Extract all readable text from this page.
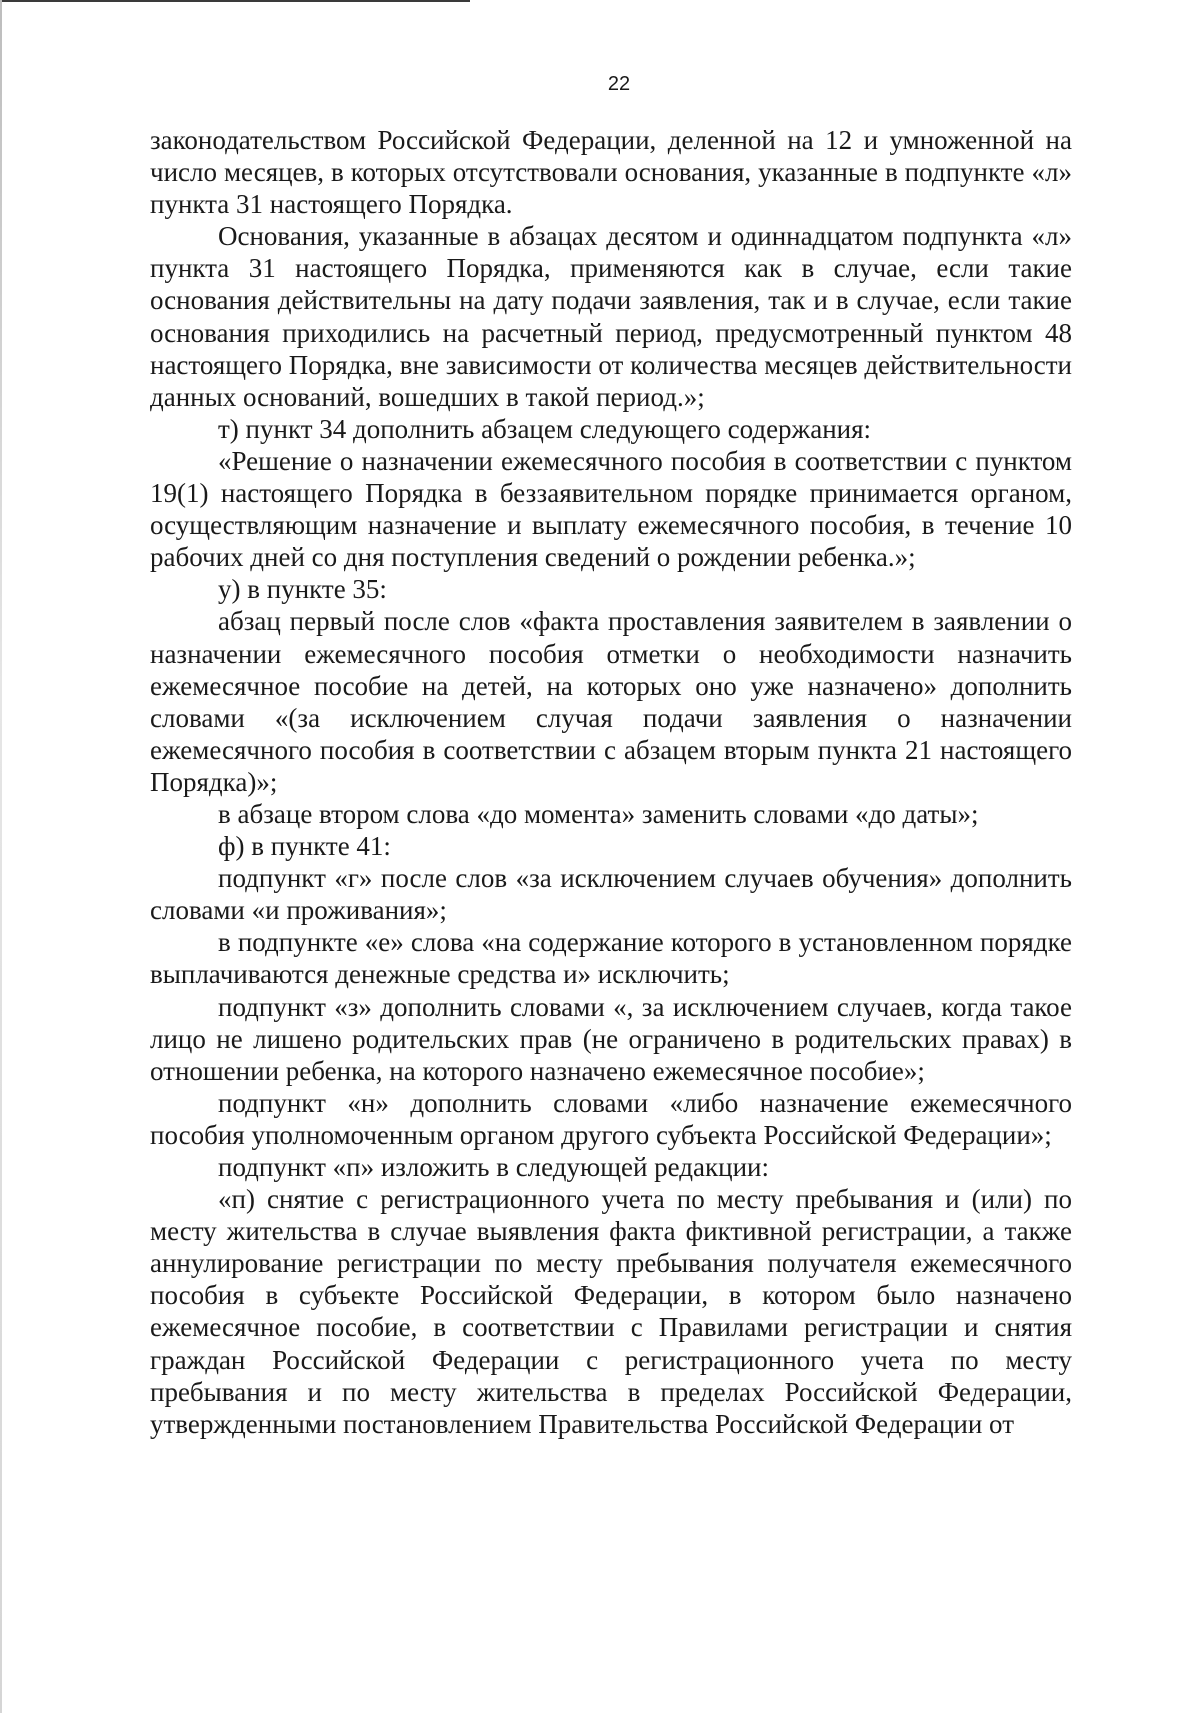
22

законодательством Российской Федерации, деленной на 12 и умноженной на число месяцев, в которых отсутствовали основания, указанные в подпункте «л» пункта 31 настоящего Порядка.

Основания, указанные в абзацах десятом и одиннадцатом подпункта «л» пункта 31 настоящего Порядка, применяются как в случае, если такие основания действительны на дату подачи заявления, так и в случае, если такие основания приходились на расчетный период, предусмотренный пунктом 48 настоящего Порядка, вне зависимости от количества месяцев действительности данных оснований, вошедших в такой период.»;

т) пункт 34 дополнить абзацем следующего содержания:

«Решение о назначении ежемесячного пособия в соответствии с пунктом 19(1) настоящего Порядка в беззаявительном порядке принимается органом, осуществляющим назначение и выплату ежемесячного пособия, в течение 10 рабочих дней со дня поступления сведений о рождении ребенка.»;

у) в пункте 35:

абзац первый после слов «факта проставления заявителем в заявлении о назначении ежемесячного пособия отметки о необходимости назначить ежемесячное пособие на детей, на которых оно уже назначено» дополнить словами «(за исключением случая подачи заявления о назначении ежемесячного пособия в соответствии с абзацем вторым пункта 21 настоящего Порядка)»;

в абзаце втором слова «до момента» заменить словами «до даты»;

ф) в пункте 41:

подпункт «г» после слов «за исключением случаев обучения» дополнить словами «и проживания»;

в подпункте «е» слова «на содержание которого в установленном порядке выплачиваются денежные средства и» исключить;

подпункт «з» дополнить словами «, за исключением случаев, когда такое лицо не лишено родительских прав (не ограничено в родительских правах) в отношении ребенка, на которого назначено ежемесячное пособие»;

подпункт «н» дополнить словами «либо назначение ежемесячного пособия уполномоченным органом другого субъекта Российской Федерации»;

подпункт «п» изложить в следующей редакции:

«п) снятие с регистрационного учета по месту пребывания и (или) по месту жительства в случае выявления факта фиктивной регистрации, а также аннулирование регистрации по месту пребывания получателя ежемесячного пособия в субъекте Российской Федерации, в котором было назначено ежемесячное пособие, в соответствии с Правилами регистрации и снятия граждан Российской Федерации с регистрационного учета по месту пребывания и по месту жительства в пределах Российской Федерации, утвержденными постановлением Правительства Российской Федерации от
